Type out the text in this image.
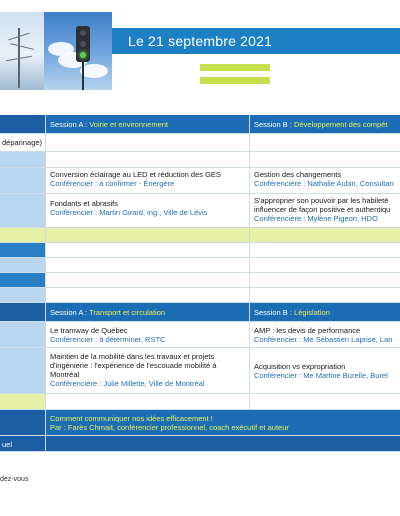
Le 21 septembre 2021
Session A : Voirie et environnement	Session B : Développement des compét
dépannage)
Conversion éclairage au LED et réduction des GES
Conférencier : à confirmer - Énergère
Gestion des changements
Conférencière : Nathalie Aubin, Consultan
Fondants et abrasifs
Conférencier : Martin Girard, ing., Ville de Lévis
S'approprier son pouvoir par les habileté
influencer de façon positive et authentiqu
Conférencière : Mylène Pigeon, HDO
Session A : Transport et circulation	Session B : Législation
Le tramway de Québec
Conférencier : à déterminer, RSTC
AMP : les devis de performance
Conférencier : Me Sébastien Laprise, Lan
Maintien de la mobilité dans les travaux et projets
d'ingénierie : l'expérience de l'escouade mobilité à
Montréal
Conférencière : Julie Millette, Ville de Montréal
Acquisition vs expropriation
Conférencier : Me Martine Burelle, Burel
Comment communiquer nos idées efficacement !
Par : Farès Chmait, conférencier professionnel, coach exécutif et auteur
uel
dez-vous
